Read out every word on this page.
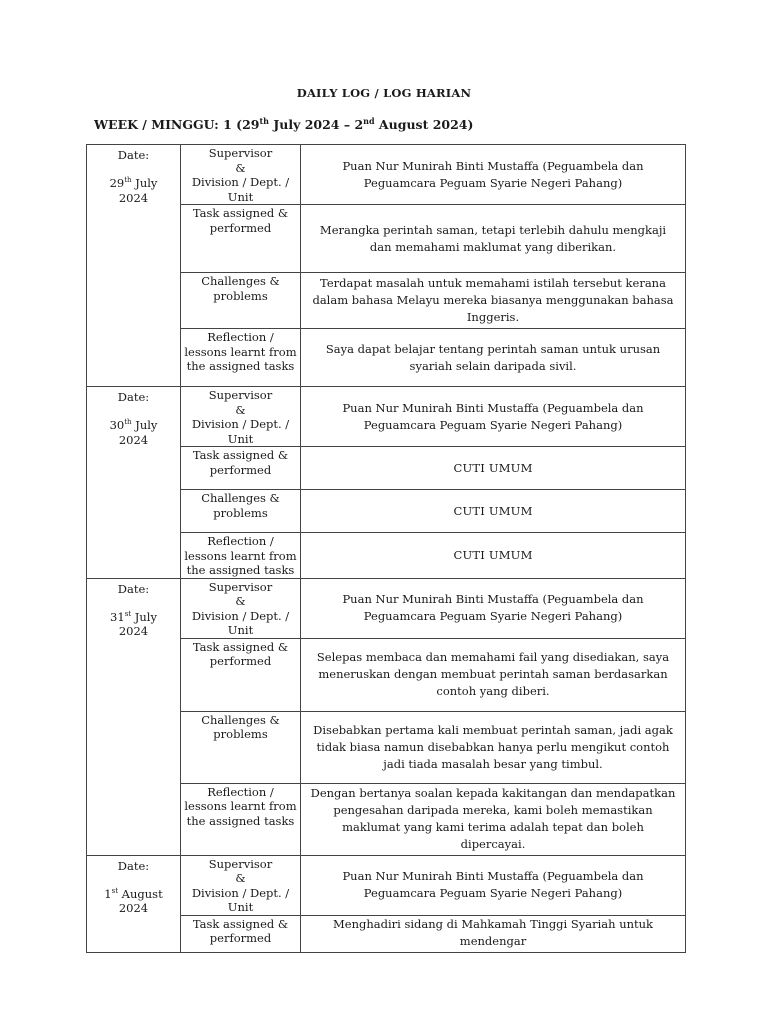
DAILY LOG / LOG HARIAN
WEEK / MINGGU: 1 (29th July 2024 – 2nd August 2024)
Date:
29th July
2024	Supervisor
&
Division / Dept. /
Unit	Puan Nur Munirah Binti Mustaffa (Peguambela dan Peguamcara Peguam Syarie Negeri Pahang)
	Task assigned &
performed	Merangka perintah saman, tetapi terlebih dahulu mengkaji dan memahami maklumat yang diberikan.
	Challenges &
problems	Terdapat masalah untuk memahami istilah tersebut kerana dalam bahasa Melayu mereka biasanya menggunakan bahasa Inggeris.
	Reflection /
lessons learnt from
the assigned tasks	Saya dapat belajar tentang perintah saman untuk urusan syariah selain daripada sivil.
Date:
30th July
2024	Supervisor
&
Division / Dept. /
Unit	Puan Nur Munirah Binti Mustaffa (Peguambela dan Peguamcara Peguam Syarie Negeri Pahang)
	Task assigned &
performed	CUTI UMUM
	Challenges &
problems	CUTI UMUM
	Reflection /
lessons learnt from
the assigned tasks	CUTI UMUM
Date:
31st July
2024	Supervisor
&
Division / Dept. /
Unit	Puan Nur Munirah Binti Mustaffa (Peguambela dan Peguamcara Peguam Syarie Negeri Pahang)
	Task assigned &
performed	Selepas membaca dan memahami fail yang disediakan, saya meneruskan dengan membuat perintah saman berdasarkan contoh yang diberi.
	Challenges &
problems	Disebabkan pertama kali membuat perintah saman, jadi agak tidak biasa namun disebabkan hanya perlu mengikut contoh jadi tiada masalah besar yang timbul.
	Reflection /
lessons learnt from
the assigned tasks	Dengan bertanya soalan kepada kakitangan dan mendapatkan pengesahan daripada mereka, kami boleh memastikan maklumat yang kami terima adalah tepat dan boleh dipercayai.
Date:
1st August
2024	Supervisor
&
Division / Dept. /
Unit	Puan Nur Munirah Binti Mustaffa (Peguambela dan Peguamcara Peguam Syarie Negeri Pahang)
	Task assigned &
performed	Menghadiri sidang di Mahkamah Tinggi Syariah untuk mendengar
